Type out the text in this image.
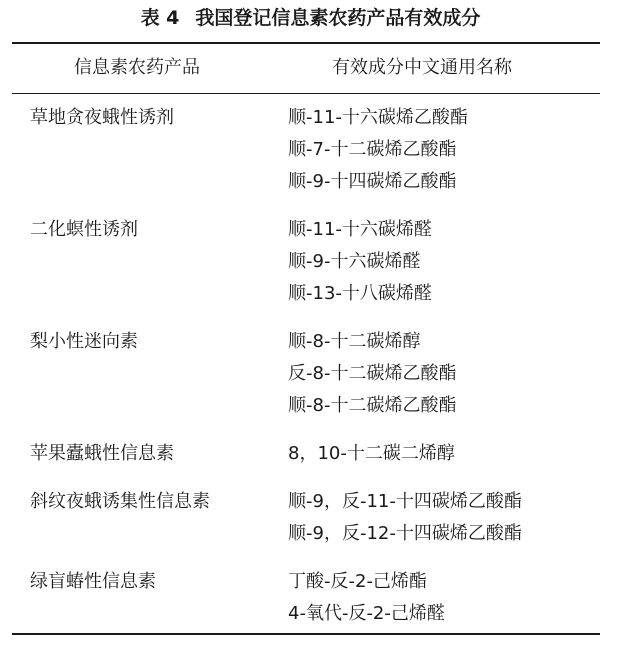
表 4 我国登记信息素农药产品有效成分
信息素农药产品	有效成分中文通用名称
草地贪夜蛾性诱剂	顺-11-十六碳烯乙酸酯
顺-7-十二碳烯乙酸酯
顺-9-十四碳烯乙酸酯
二化螟性诱剂	顺-11-十六碳烯醛
顺-9-十六碳烯醛
顺-13-十八碳烯醛
梨小性迷向素	顺-8-十二碳烯醇
反-8-十二碳烯乙酸酯
顺-8-十二碳烯乙酸酯
苹果蠹蛾性信息素	8，10-十二碳二烯醇
斜纹夜蛾诱集性信息素	顺-9，反-11-十四碳烯乙酸酯
顺-9，反-12-十四碳烯乙酸酯
绿盲蝽性信息素	丁酸-反-2-己烯酯
4-氧代-反-2-己烯醛
